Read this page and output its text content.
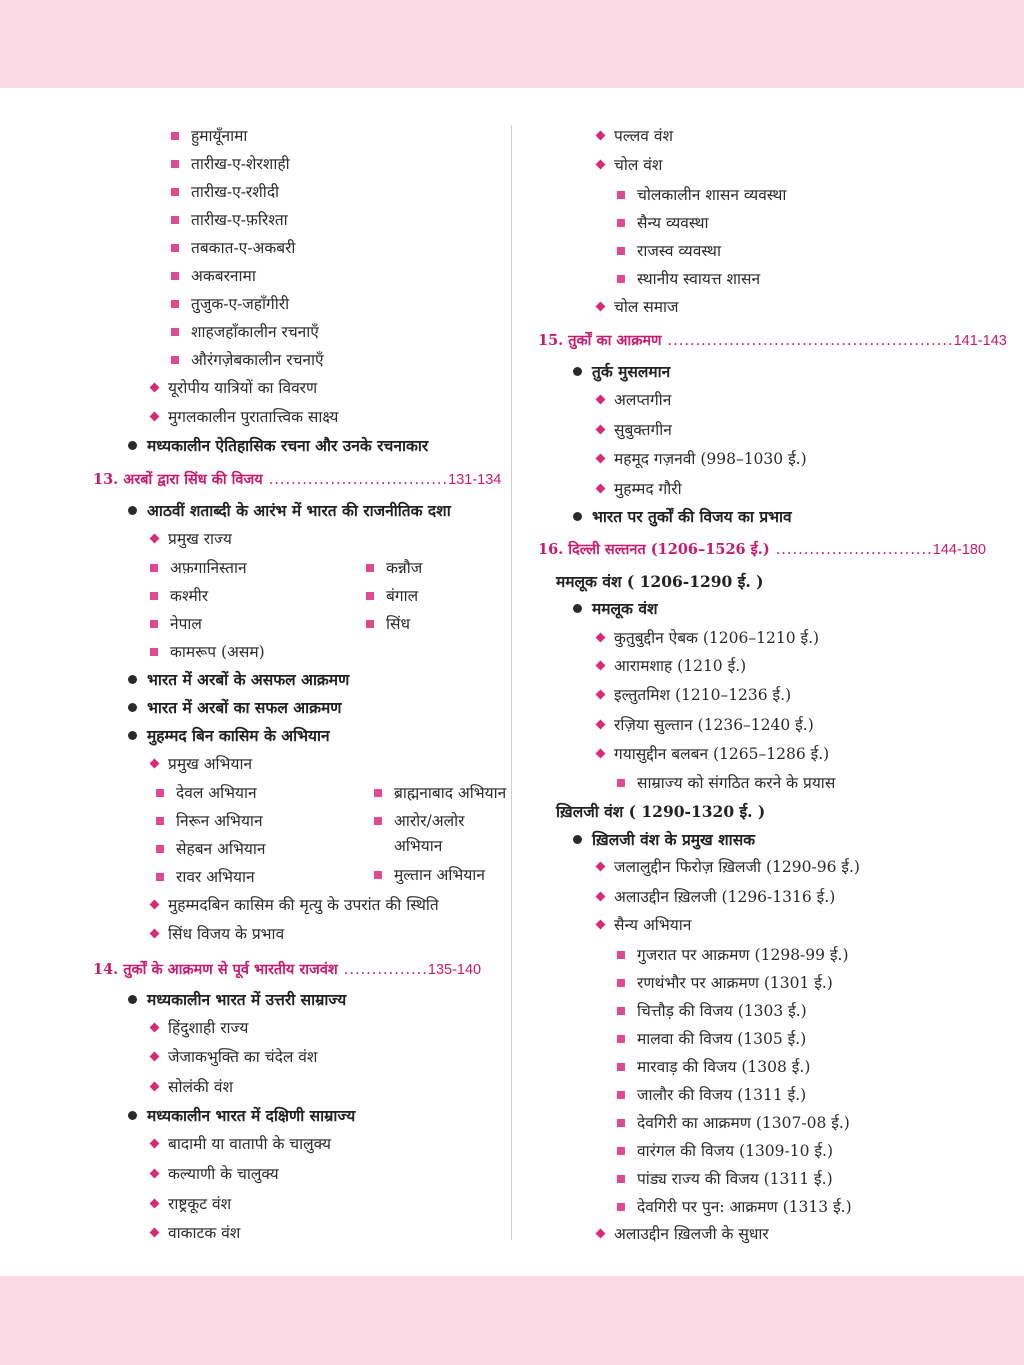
हुमायूँनामा
तारीख-ए-शेरशाही
तारीख-ए-रशीदी
तारीख-ए-फ़रिश्ता
तबकात-ए-अकबरी
अकबरनामा
तुजुक-ए-जहाँगीरी
शाहजहाँकालीन रचनाएँ
औरंगज़ेबकालीन रचनाएँ
यूरोपीय यात्रियों का विवरण
मुगलकालीन पुरातात्त्विक साक्ष्य
मध्यकालीन ऐतिहासिक रचना और उनके रचनाकार
13. अरबों द्वारा सिंध की विजय ................................131-134
आठवीं शताब्दी के आरंभ में भारत की राजनीतिक दशा
प्रमुख राज्य
अफ़गानिस्तान	कन्नौज
कश्मीर	बंगाल
नेपाल	सिंध
कामरूप (असम)
भारत में अरबों के असफल आक्रमण
भारत में अरबों का सफल आक्रमण
मुहम्मद बिन कासिम के अभियान
प्रमुख अभियान
देवल अभियान	ब्राह्मनाबाद अभियान
निरून अभियान	आरोर/अलोर
अभियान
सेहबन अभियान
रावर अभियान	मुल्तान अभियान
मुहम्मदबिन कासिम की मृत्यु के उपरांत की स्थिति
सिंध विजय के प्रभाव
14. तुर्कों के आक्रमण से पूर्व भारतीय राजवंश ...............135-140
मध्यकालीन भारत में उत्तरी साम्राज्य
हिंदुशाही राज्य
जेजाकभुक्ति का चंदेल वंश
सोलंकी वंश
मध्यकालीन भारत में दक्षिणी साम्राज्य
बादामी या वातापी के चालुक्य
कल्याणी के चालुक्य
राष्ट्रकूट वंश
वाकाटक वंश
पल्लव वंश
चोल वंश
चोलकालीन शासन व्यवस्था
सैन्य व्यवस्था
राजस्व व्यवस्था
स्थानीय स्वायत्त शासन
चोल समाज
15. तुर्कों का आक्रमण ...................................................141-143
तुर्क मुसलमान
अलप्तगीन
सुबुक्तगीन
महमूद गज़नवी (998–1030 ई.)
मुहम्मद गौरी
भारत पर तुर्कों की विजय का प्रभाव
16. दिल्ली सल्तनत (1206–1526 ई.) ............................144-180
ममलूक वंश ( 1206-1290 ई. )
ममलूक वंश
कुतुबुद्दीन ऐबक (1206–1210 ई.)
आरामशाह (1210 ई.)
इल्तुतमिश (1210–1236 ई.)
रज़िया सुल्तान (1236–1240 ई.)
गयासुद्दीन बलबन (1265–1286 ई.)
साम्राज्य को संगठित करने के प्रयास
ख़िलजी वंश ( 1290-1320 ई. )
ख़िलजी वंश के प्रमुख शासक
जलालुद्दीन फिरोज़ ख़िलजी (1290-96 ई.)
अलाउद्दीन ख़िलजी (1296-1316 ई.)
सैन्य अभियान
गुजरात पर आक्रमण (1298-99 ई.)
रणथंभौर पर आक्रमण (1301 ई.)
चित्तौड़ की विजय (1303 ई.)
मालवा की विजय (1305 ई.)
मारवाड़ की विजय (1308 ई.)
जालौर की विजय (1311 ई.)
देवगिरी का आक्रमण (1307-08 ई.)
वारंगल की विजय (1309-10 ई.)
पांड्य राज्य की विजय (1311 ई.)
देवगिरी पर पुन: आक्रमण (1313 ई.)
अलाउद्दीन ख़िलजी के सुधार
